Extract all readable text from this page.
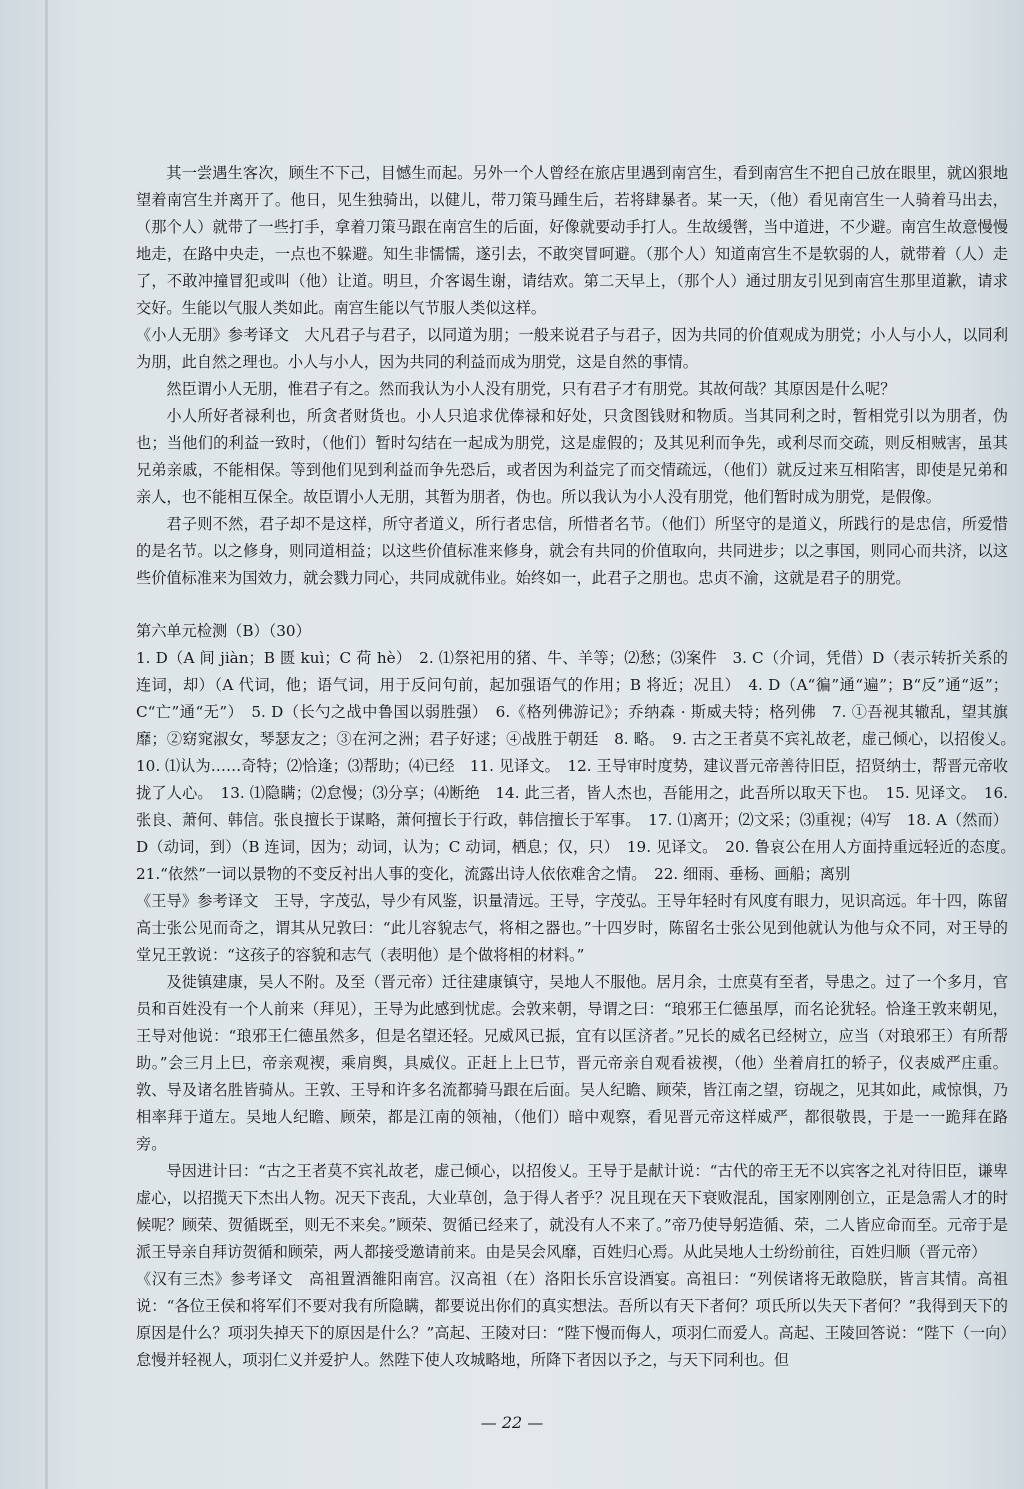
其一尝遇生客次，顾生不下己，目憾生而起。另外一个人曾经在旅店里遇到南宫生，看到南宫生不把自己放在眼里，就凶狠地望着南宫生并离开了。他日，见生独骑出，以健儿，带刀策马踵生后，若将肆暴者。某一天，（他）看见南宫生一人骑着马出去，（那个人）就带了一些打手，拿着刀策马跟在南宫生的后面，好像就要动手打人。生故缓辔，当中道进，不少避。南宫生故意慢慢地走，在路中央走，一点也不躲避。知生非懦懦，遂引去，不敢突冒呵避。（那个人）知道南宫生不是软弱的人，就带着（人）走了，不敢冲撞冒犯或叫（他）让道。明旦，介客谒生谢，请结欢。第二天早上，（那个人）通过朋友引见到南宫生那里道歉，请求交好。生能以气服人类如此。南宫生能以气节服人类似这样。

《小人无朋》参考译文　大凡君子与君子，以同道为朋；一般来说君子与君子，因为共同的价值观成为朋党；小人与小人，以同利为朋，此自然之理也。小人与小人，因为共同的利益而成为朋党，这是自然的事情。

然臣谓小人无朋，惟君子有之。然而我认为小人没有朋党，只有君子才有朋党。其故何哉？其原因是什么呢？

小人所好者禄利也，所贪者财货也。小人只追求优俸禄和好处，只贪图钱财和物质。当其同利之时，暂相党引以为朋者，伪也；当他们的利益一致时，（他们）暂时勾结在一起成为朋党，这是虚假的；及其见利而争先，或利尽而交疏，则反相贼害，虽其兄弟亲戚，不能相保。等到他们见到利益而争先恐后，或者因为利益完了而交情疏远，（他们）就反过来互相陷害，即使是兄弟和亲人，也不能相互保全。故臣谓小人无朋，其暂为朋者，伪也。所以我认为小人没有朋党，他们暂时成为朋党，是假像。

君子则不然，君子却不是这样，所守者道义，所行者忠信，所惜者名节。（他们）所坚守的是道义，所践行的是忠信，所爱惜的是名节。以之修身，则同道相益；以这些价值标准来修身，就会有共同的价值取向，共同进步；以之事国，则同心而共济，以这些价值标准来为国效力，就会戮力同心，共同成就伟业。始终如一，此君子之朋也。忠贞不渝，这就是君子的朋党。

第六单元检测（B）（30）

1. D（A 间 jiàn；B 匮 kuì；C 荷 hè）　2. ⑴祭祀用的猪、牛、羊等；⑵愁；⑶案件　3. C（介词，凭借）D（表示转折关系的连词，却）（A 代词，他；语气词，用于反问句前，起加强语气的作用；B 将近；况且）　4. D（A“徧”通“遍”；B“反”通“返”；C“亡”通“无”）　5. D（长勺之战中鲁国以弱胜强）　6.《格列佛游记》；乔纳森 · 斯威夫特；格列佛　7. ①吾视其辙乱，望其旗靡；②窈窕淑女，琴瑟友之；③在河之洲；君子好逑；④战胜于朝廷　8. 略。　9. 古之王者莫不宾礼故老，虚己倾心，以招俊乂。　10. ⑴认为……奇特；⑵恰逢；⑶帮助；⑷已经　11. 见译文。　12. 王导审时度势，建议晋元帝善待旧臣，招贤纳士，帮晋元帝收拢了人心。　13. ⑴隐瞒；⑵怠慢；⑶分享；⑷断绝　14. 此三者，皆人杰也，吾能用之，此吾所以取天下也。　15. 见译文。　16. 张良、萧何、韩信。张良擅长于谋略，萧何擅长于行政，韩信擅长于军事。　17. ⑴离开；⑵文采；⑶重视；⑷写　18. A（然而）D（动词，到）（B 连词，因为；动词，认为；C 动词，栖息；仅，只）　19. 见译文。　20. 鲁哀公在用人方面持重远轻近的态度。　21.“依然”一词以景物的不变反衬出人事的变化，流露出诗人依依难舍之情。　22. 细雨、垂杨、画船；离别

《王导》参考译文　王导，字茂弘，导少有风鉴，识量清远。王导，字茂弘。王导年轻时有风度有眼力，见识高远。年十四，陈留高士张公见而奇之，谓其从兄敦曰：“此儿容貌志气，将相之器也。”十四岁时，陈留名士张公见到他就认为他与众不同，对王导的堂兄王敦说：“这孩子的容貌和志气（表明他）是个做将相的材料。”

及徙镇建康，吴人不附。及至（晋元帝）迁往建康镇守，吴地人不服他。居月余，士庶莫有至者，导患之。过了一个多月，官员和百姓没有一个人前来（拜见），王导为此感到忧虑。会敦来朝，导谓之曰：“琅邪王仁德虽厚，而名论犹轻。恰逢王敦来朝见，王导对他说：“琅邪王仁德虽然多，但是名望还轻。兄威风已振，宜有以匡济者。”兄长的威名已经树立，应当（对琅邪王）有所帮助。”会三月上巳，帝亲观禊，乘肩舆，具威仪。正赶上上巳节，晋元帝亲自观看祓禊，（他）坐着肩扛的轿子，仪表威严庄重。敦、导及诸名胜皆骑从。王敦、王导和许多名流都骑马跟在后面。吴人纪瞻、顾荣，皆江南之望，窃觇之，见其如此，咸惊惧，乃相率拜于道左。吴地人纪瞻、顾荣，都是江南的领袖，（他们）暗中观察，看见晋元帝这样威严，都很敬畏，于是一一跪拜在路旁。

导因进计曰：“古之王者莫不宾礼故老，虚己倾心，以招俊乂。王导于是献计说：“古代的帝王无不以宾客之礼对待旧臣，谦卑虚心，以招揽天下杰出人物。况天下丧乱，大业草创，急于得人者乎？况且现在天下衰败混乱，国家刚刚创立，正是急需人才的时候呢？顾荣、贺循既至，则无不来矣。”顾荣、贺循已经来了，就没有人不来了。”帝乃使导躬造循、荣，二人皆应命而至。元帝于是派王导亲自拜访贺循和顾荣，两人都接受邀请前来。由是吴会风靡，百姓归心焉。从此吴地人士纷纷前往，百姓归顺（晋元帝）

《汉有三杰》参考译文　高祖置酒雒阳南宫。汉高祖（在）洛阳长乐宫设酒宴。高祖曰：“列侯诸将无敢隐朕，皆言其情。高祖说：“各位王侯和将军们不要对我有所隐瞒，都要说出你们的真实想法。吾所以有天下者何？项氏所以失天下者何？”我得到天下的原因是什么？项羽失掉天下的原因是什么？”高起、王陵对曰：“陛下慢而侮人，项羽仁而爱人。高起、王陵回答说：“陛下（一向）怠慢并轻视人，项羽仁义并爱护人。然陛下使人攻城略地，所降下者因以予之，与天下同利也。但

— 22 —
